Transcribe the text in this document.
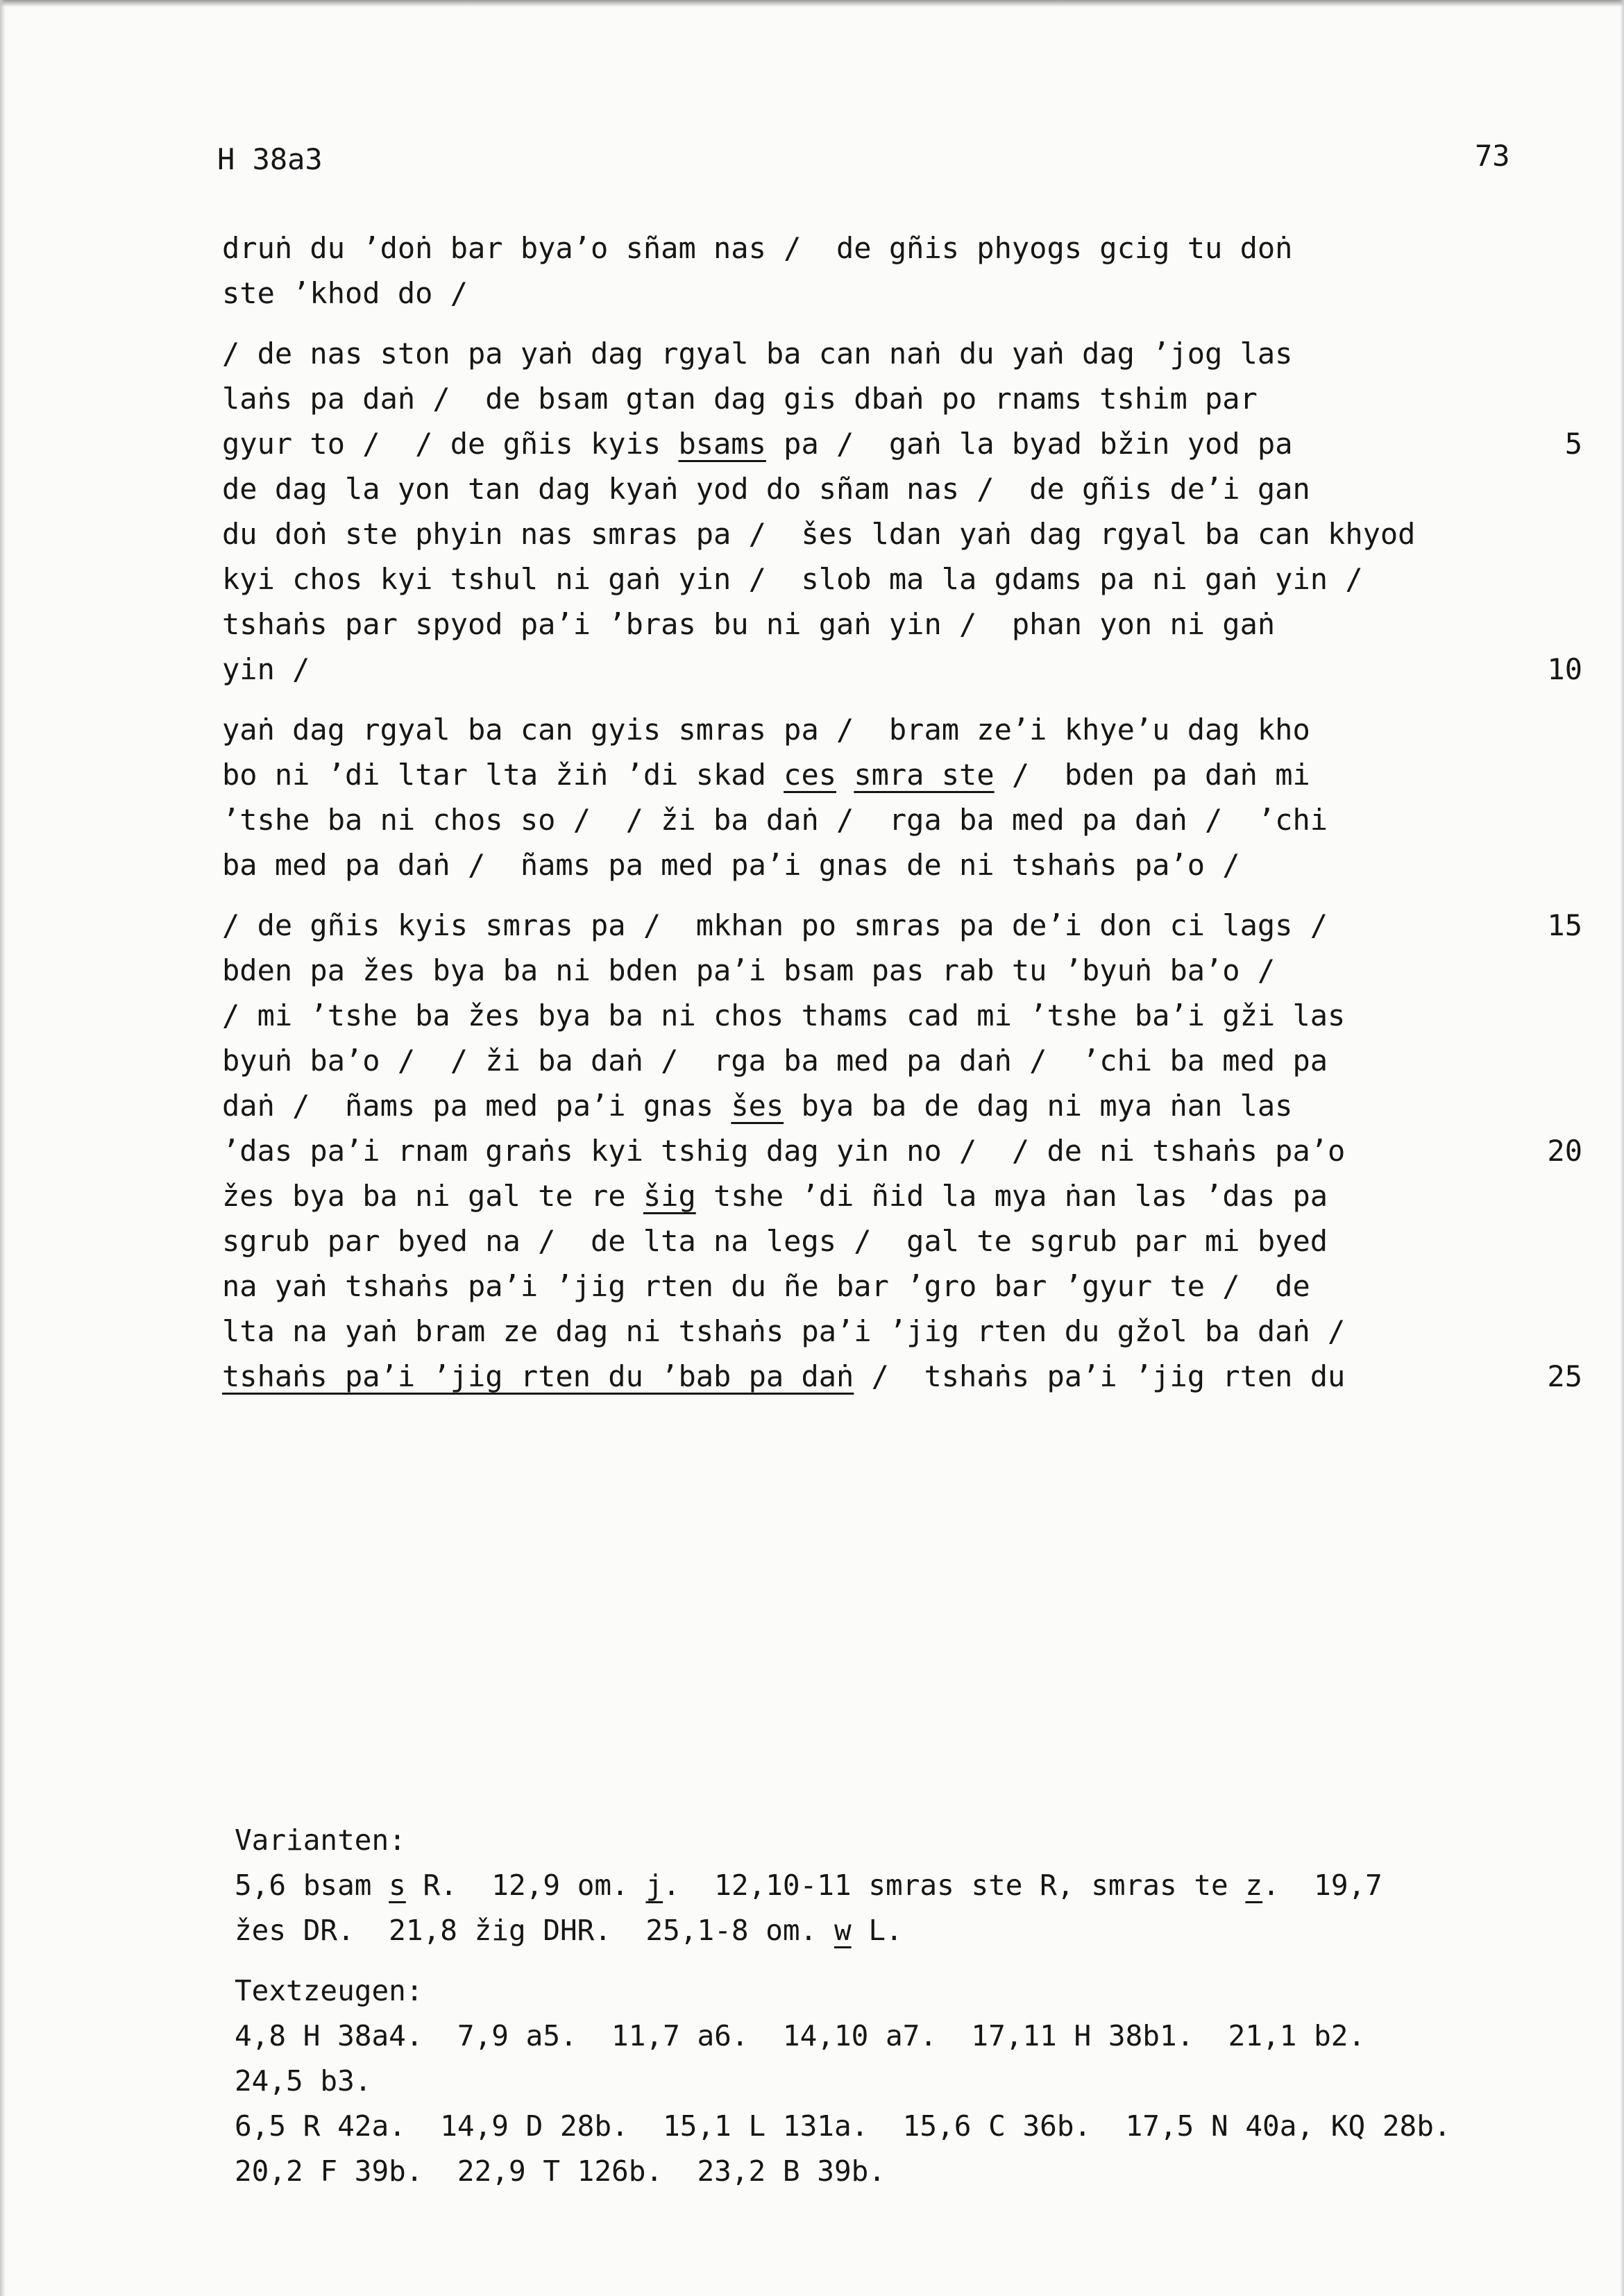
H 38a3	73
druṅ du ’doṅ bar bya’o sñam nas /  de gñis phyogs gcig tu doṅ
ste ’khod do /
/ de nas ston pa yaṅ dag rgyal ba can naṅ du yaṅ dag ’jog las
laṅs pa daṅ /  de bsam gtan dag gis dbaṅ po rnams tshim par
gyur to /  / de gñis kyis bsams pa /  gaṅ la byad bžin yod pa	5
de dag la yon tan dag kyaṅ yod do sñam nas /  de gñis de’i gan
du doṅ ste phyin nas smras pa /  šes ldan yaṅ dag rgyal ba can khyod
kyi chos kyi tshul ni gaṅ yin /  slob ma la gdams pa ni gaṅ yin /
tshaṅs par spyod pa’i ’bras bu ni gaṅ yin /  phan yon ni gaṅ
yin /	10
yaṅ dag rgyal ba can gyis smras pa /  bram ze’i khye’u dag kho
bo ni ’di ltar lta žiṅ ’di skad ces smra ste /  bden pa daṅ mi
’tshe ba ni chos so /  / ži ba daṅ /  rga ba med pa daṅ /  ’chi
ba med pa daṅ /  ñams pa med pa’i gnas de ni tshaṅs pa’o /
/ de gñis kyis smras pa /  mkhan po smras pa de’i don ci lags /	15
bden pa žes bya ba ni bden pa’i bsam pas rab tu ’byuṅ ba’o /
/ mi ’tshe ba žes bya ba ni chos thams cad mi ’tshe ba’i gži las
byuṅ ba’o /  / ži ba daṅ /  rga ba med pa daṅ /  ’chi ba med pa
daṅ /  ñams pa med pa’i gnas šes bya ba de dag ni mya ṅan las
’das pa’i rnam graṅs kyi tshig dag yin no /  / de ni tshaṅs pa’o	20
žes bya ba ni gal te re šig tshe ’di ñid la mya ṅan las ’das pa
sgrub par byed na /  de lta na legs /  gal te sgrub par mi byed
na yaṅ tshaṅs pa’i ’jig rten du ñe bar ’gro bar ’gyur te /  de
lta na yaṅ bram ze dag ni tshaṅs pa’i ’jig rten du gžol ba daṅ /
tshaṅs pa’i ’jig rten du ’bab pa daṅ /  tshaṅs pa’i ’jig rten du	25
Varianten:
5,6 bsam s R.  12,9 om. j.  12,10-11 smras ste R, smras te z.  19,7
žes DR.  21,8 žig DHR.  25,1-8 om. w L.
Textzeugen:
4,8 H 38a4.  7,9 a5.  11,7 a6.  14,10 a7.  17,11 H 38b1.  21,1 b2.
24,5 b3.
6,5 R 42a.  14,9 D 28b.  15,1 L 131a.  15,6 C 36b.  17,5 N 40a, KQ 28b.
20,2 F 39b.  22,9 T 126b.  23,2 B 39b.
